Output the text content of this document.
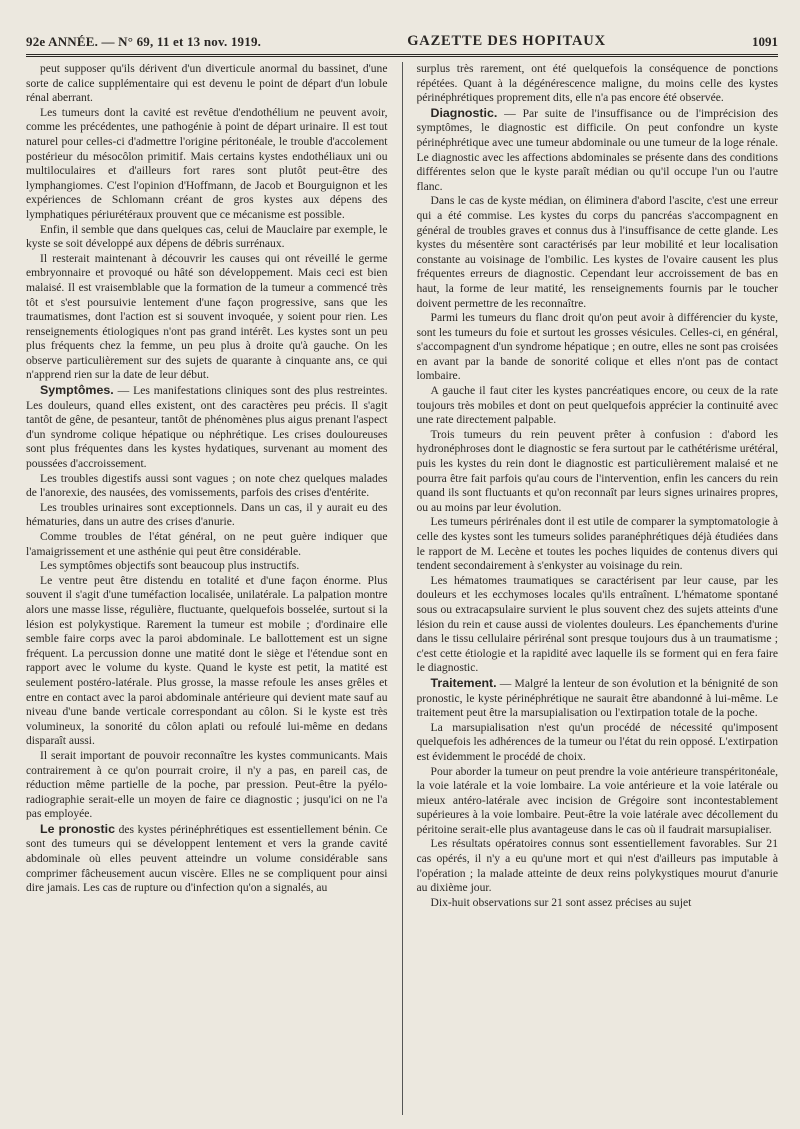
92e ANNÉE. — N° 69, 11 et 13 nov. 1919.	GAZETTE DES HOPITAUX	1091

peut supposer qu'ils dérivent d'un diverticule anormal du bassinet, d'une sorte de calice supplémentaire qui est devenu le point de départ d'un lobule rénal aberrant.

Les tumeurs dont la cavité est revêtue d'endothélium ne peuvent avoir, comme les précédentes, une pathogénie à point de départ urinaire. Il est tout naturel pour celles-ci d'admettre l'origine péritonéale, le trouble d'accolement postérieur du mésocôlon primitif. Mais certains kystes endothéliaux uni ou multiloculaires et d'ailleurs fort rares sont plutôt peut-être des lymphangiomes. C'est l'opinion d'Hoffmann, de Jacob et Bourguignon et les expériences de Schlomann créant de gros kystes aux dépens des lymphatiques périurétéraux prouvent que ce mécanisme est possible.

Enfin, il semble que dans quelques cas, celui de Mauclaire par exemple, le kyste se soit développé aux dépens de débris surrénaux.

Il resterait maintenant à découvrir les causes qui ont réveillé le germe embryonnaire et provoqué ou hâté son développement. Mais ceci est bien malaisé. Il est vraisemblable que la formation de la tumeur a commencé très tôt et s'est poursuivie lentement d'une façon progressive, sans que les traumatismes, dont l'action est si souvent invoquée, y soient pour rien. Les renseignements étiologiques n'ont pas grand intérêt. Les kystes sont un peu plus fréquents chez la femme, un peu plus à droite qu'à gauche. On les observe particulièrement sur des sujets de quarante à cinquante ans, ce qui n'apprend rien sur la date de leur début.

Symptômes. — Les manifestations cliniques sont des plus restreintes. Les douleurs, quand elles existent, ont des caractères peu précis. Il s'agit tantôt de gêne, de pesanteur, tantôt de phénomènes plus aigus prenant l'aspect d'un syndrome colique hépatique ou néphrétique. Les crises douloureuses sont plus fréquentes dans les kystes hydatiques, survenant au moment des poussées d'accroissement.

Les troubles digestifs aussi sont vagues ; on note chez quelques malades de l'anorexie, des nausées, des vomissements, parfois des crises d'entérite.

Les troubles urinaires sont exceptionnels. Dans un cas, il y aurait eu des hématuries, dans un autre des crises d'anurie.

Comme troubles de l'état général, on ne peut guère indiquer que l'amaigrissement et une asthénie qui peut être considérable.

Les symptômes objectifs sont beaucoup plus instructifs.

Le ventre peut être distendu en totalité et d'une façon énorme. Plus souvent il s'agit d'une tuméfaction localisée, unilatérale. La palpation montre alors une masse lisse, régulière, fluctuante, quelquefois bosselée, surtout si la lésion est polykystique. Rarement la tumeur est mobile ; d'ordinaire elle semble faire corps avec la paroi abdominale. Le ballottement est un signe fréquent. La percussion donne une matité dont le siège et l'étendue sont en rapport avec le volume du kyste. Quand le kyste est petit, la matité est seulement postéro-latérale. Plus grosse, la masse refoule les anses grêles et entre en contact avec la paroi abdominale antérieure qui devient mate sauf au niveau d'une bande verticale correspondant au côlon. Si le kyste est très volumineux, la sonorité du côlon aplati ou refoulé lui-même en dedans disparaît aussi.

Il serait important de pouvoir reconnaître les kystes communicants. Mais contrairement à ce qu'on pourrait croire, il n'y a pas, en pareil cas, de réduction même partielle de la poche, par pression. Peut-être la pyélo-radiographie serait-elle un moyen de faire ce diagnostic ; jusqu'ici on ne l'a pas employée.

Le pronostic des kystes périnéphrétiques est essentiellement bénin. Ce sont des tumeurs qui se développent lentement et vers la grande cavité abdominale où elles peuvent atteindre un volume considérable sans comprimer fâcheusement aucun viscère. Elles ne se compliquent pour ainsi dire jamais. Les cas de rupture ou d'infection qu'on a signalés, au

surplus très rarement, ont été quelquefois la conséquence de ponctions répétées. Quant à la dégénérescence maligne, du moins celle des kystes périnéphrétiques proprement dits, elle n'a pas encore été observée.

Diagnostic. — Par suite de l'insuffisance ou de l'imprécision des symptômes, le diagnostic est difficile. On peut confondre un kyste périnéphrétique avec une tumeur abdominale ou une tumeur de la loge rénale. Le diagnostic avec les affections abdominales se présente dans des conditions différentes selon que le kyste paraît médian ou qu'il occupe l'un ou l'autre flanc.

Dans le cas de kyste médian, on éliminera d'abord l'ascite, c'est une erreur qui a été commise. Les kystes du corps du pancréas s'accompagnent en général de troubles graves et connus dus à l'insuffisance de cette glande. Les kystes du mésentère sont caractérisés par leur mobilité et leur localisation constante au voisinage de l'ombilic. Les kystes de l'ovaire causent les plus fréquentes erreurs de diagnostic. Cependant leur accroissement de bas en haut, la forme de leur matité, les renseignements fournis par le toucher doivent permettre de les reconnaître.

Parmi les tumeurs du flanc droit qu'on peut avoir à différencier du kyste, sont les tumeurs du foie et surtout les grosses vésicules. Celles-ci, en général, s'accompagnent d'un syndrome hépatique ; en outre, elles ne sont pas croisées en avant par la bande de sonorité colique et elles n'ont pas de contact lombaire.

A gauche il faut citer les kystes pancréatiques encore, ou ceux de la rate toujours très mobiles et dont on peut quelquefois apprécier la continuité avec une rate directement palpable.

Trois tumeurs du rein peuvent prêter à confusion : d'abord les hydronéphroses dont le diagnostic se fera surtout par le cathétérisme urétéral, puis les kystes du rein dont le diagnostic est particulièrement malaisé et ne pourra être fait parfois qu'au cours de l'intervention, enfin les cancers du rein quand ils sont fluctuants et qu'on reconnaît par leurs signes urinaires propres, ou au moins par leur évolution.

Les tumeurs périrénales dont il est utile de comparer la symptomatologie à celle des kystes sont les tumeurs solides paranéphrétiques déjà étudiées dans le rapport de M. Lecène et toutes les poches liquides de contenus divers qui tendent secondairement à s'enkyster au voisinage du rein.

Les hématomes traumatiques se caractérisent par leur cause, par les douleurs et les ecchymoses locales qu'ils entraînent. L'hématome spontané sous ou extracapsulaire survient le plus souvent chez des sujets atteints d'une lésion du rein et cause aussi de violentes douleurs. Les épanchements d'urine dans le tissu cellulaire périrénal sont presque toujours dus à un traumatisme ; c'est cette étiologie et la rapidité avec laquelle ils se forment qui en fera faire le diagnostic.

Traitement. — Malgré la lenteur de son évolution et la bénignité de son pronostic, le kyste périnéphrétique ne saurait être abandonné à lui-même. Le traitement peut être la marsupialisation ou l'extirpation totale de la poche.

La marsupialisation n'est qu'un procédé de nécessité qu'imposent quelquefois les adhérences de la tumeur ou l'état du rein opposé. L'extirpation est évidemment le procédé de choix.

Pour aborder la tumeur on peut prendre la voie antérieure transpéritonéale, la voie latérale et la voie lombaire. La voie antérieure et la voie latérale ou mieux antéro-latérale avec incision de Grégoire sont incontestablement supérieures à la voie lombaire. Peut-être la voie latérale avec décollement du péritoine serait-elle plus avantageuse dans le cas où il faudrait marsupialiser.

Les résultats opératoires connus sont essentiellement favorables. Sur 21 cas opérés, il n'y a eu qu'une mort et qui n'est d'ailleurs pas imputable à l'opération ; la malade atteinte de deux reins polykystiques mourut d'anurie au dixième jour.

Dix-huit observations sur 21 sont assez précises au sujet
